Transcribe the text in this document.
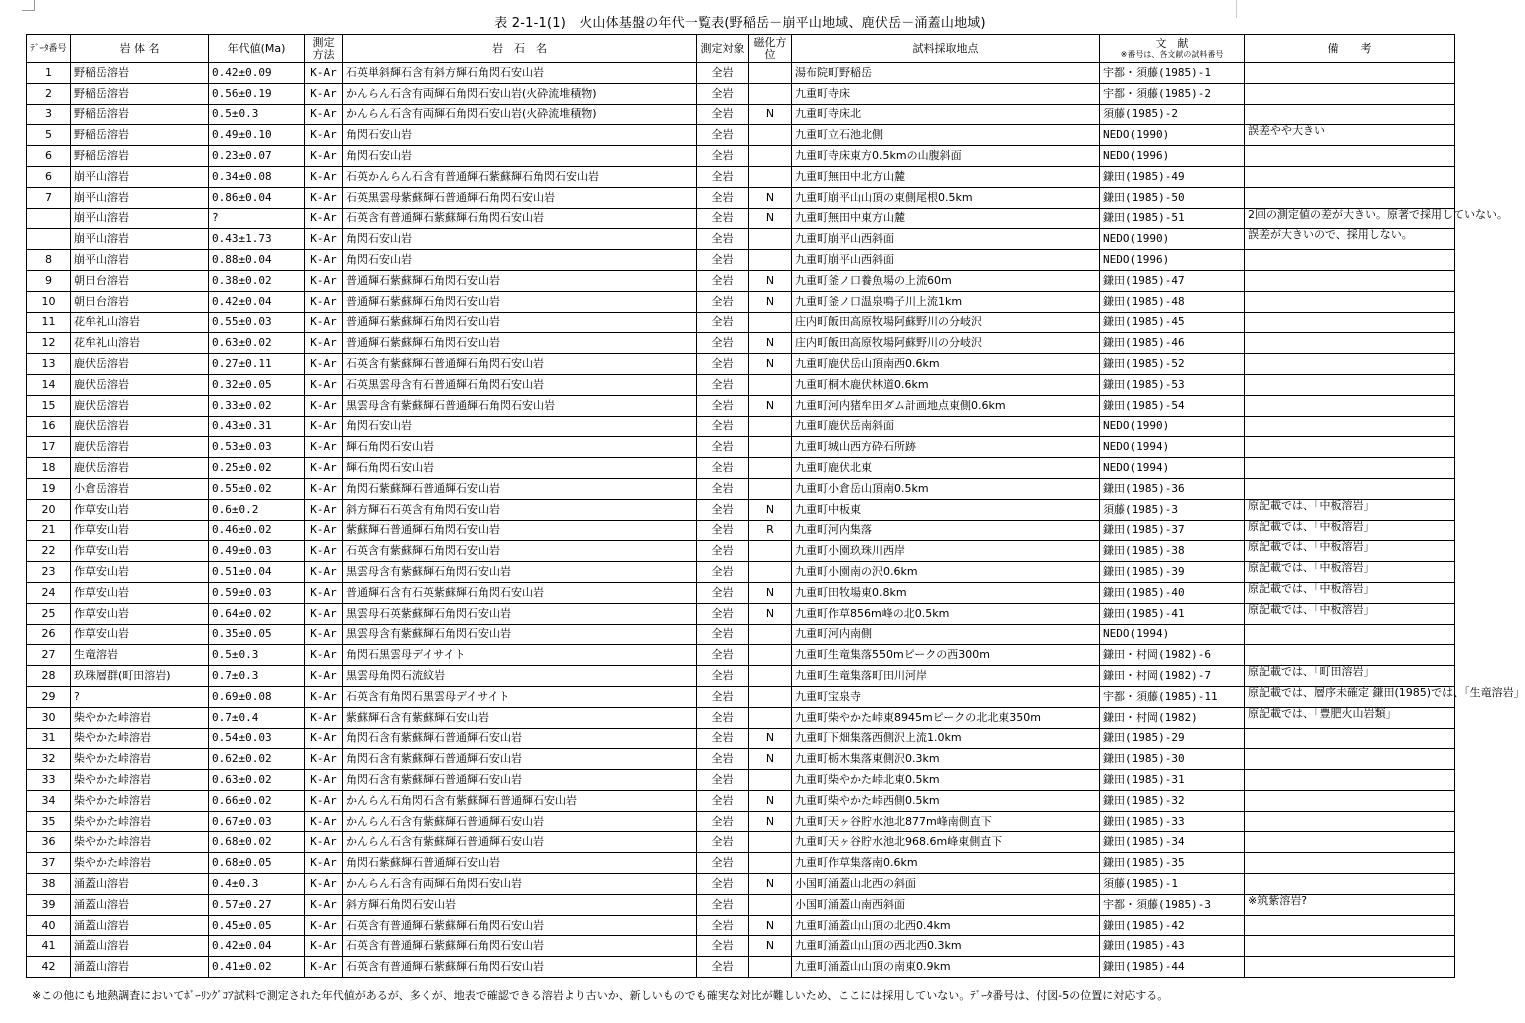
表 2-1-1(1)　火山体基盤の年代一覧表(野稲岳－崩平山地域、鹿伏岳－涌蓋山地域)
ﾃﾞｰﾀ番号	岩 体 名	年代値(Ma)	測定方法	岩　石　名	測定対象	磁化方位	試料採取地点	文　献
※番号は、各文献の試料番号	備　　考
1	野稲岳溶岩	0.42±0.09	K-Ar	石英単斜輝石含有斜方輝石角閃石安山岩	全岩		湯布院町野稲岳	宇都・須藤(1985)-1	
2	野稲岳溶岩	0.56±0.19	K-Ar	かんらん石含有両輝石角閃石安山岩(火砕流堆積物)	全岩		九重町寺床	宇都・須藤(1985)-2	
3	野稲岳溶岩	0.5±0.3	K-Ar	かんらん石含有両輝石角閃石安山岩(火砕流堆積物)	全岩	N	九重町寺床北	須藤(1985)-2	
5	野稲岳溶岩	0.49±0.10	K-Ar	角閃石安山岩	全岩		九重町立石池北側	NEDO(1990)	誤差やや大きい
6	野稲岳溶岩	0.23±0.07	K-Ar	角閃石安山岩	全岩		九重町寺床東方0.5kmの山腹斜面	NEDO(1996)	
6	崩平山溶岩	0.34±0.08	K-Ar	石英かんらん石含有普通輝石紫蘇輝石角閃石安山岩	全岩		九重町無田中北方山麓	鎌田(1985)-49	
7	崩平山溶岩	0.86±0.04	K-Ar	石英黒雲母紫蘇輝石普通輝石角閃石安山岩	全岩	N	九重町崩平山山頂の東側尾根0.5km	鎌田(1985)-50	
	崩平山溶岩	?	K-Ar	石英含有普通輝石紫蘇輝石角閃石安山岩	全岩	N	九重町無田中東方山麓	鎌田(1985)-51	2回の測定値の差が大きい。原著で採用していない。
	崩平山溶岩	0.43±1.73	K-Ar	角閃石安山岩	全岩		九重町崩平山西斜面	NEDO(1990)	誤差が大きいので、採用しない。
8	崩平山溶岩	0.88±0.04	K-Ar	角閃石安山岩	全岩		九重町崩平山西斜面	NEDO(1996)	
9	朝日台溶岩	0.38±0.02	K-Ar	普通輝石紫蘇輝石角閃石安山岩	全岩	N	九重町釜ノ口養魚場の上流60m	鎌田(1985)-47	
10	朝日台溶岩	0.42±0.04	K-Ar	普通輝石紫蘇輝石角閃石安山岩	全岩	N	九重町釜ノ口温泉鳴子川上流1km	鎌田(1985)-48	
11	花牟礼山溶岩	0.55±0.03	K-Ar	普通輝石紫蘇輝石角閃石安山岩	全岩		庄内町飯田高原牧場阿蘇野川の分岐沢	鎌田(1985)-45	
12	花牟礼山溶岩	0.63±0.02	K-Ar	普通輝石紫蘇輝石角閃石安山岩	全岩	N	庄内町飯田高原牧場阿蘇野川の分岐沢	鎌田(1985)-46	
13	鹿伏岳溶岩	0.27±0.11	K-Ar	石英含有紫蘇輝石普通輝石角閃石安山岩	全岩	N	九重町鹿伏岳山頂南西0.6km	鎌田(1985)-52	
14	鹿伏岳溶岩	0.32±0.05	K-Ar	石英黒雲母含有石普通輝石角閃石安山岩	全岩		九重町桐木鹿伏林道0.6km	鎌田(1985)-53	
15	鹿伏岳溶岩	0.33±0.02	K-Ar	黒雲母含有紫蘇輝石普通輝石角閃石安山岩	全岩	N	九重町河内猪牟田ダム計画地点東側0.6km	鎌田(1985)-54	
16	鹿伏岳溶岩	0.43±0.31	K-Ar	角閃石安山岩	全岩		九重町鹿伏岳南斜面	NEDO(1990)	
17	鹿伏岳溶岩	0.53±0.03	K-Ar	輝石角閃石安山岩	全岩		九重町城山西方砕石所跡	NEDO(1994)	
18	鹿伏岳溶岩	0.25±0.02	K-Ar	輝石角閃石安山岩	全岩		九重町鹿伏北東	NEDO(1994)	
19	小倉岳溶岩	0.55±0.02	K-Ar	角閃石紫蘇輝石普通輝石安山岩	全岩		九重町小倉岳山頂南0.5km	鎌田(1985)-36	
20	作草安山岩	0.6±0.2	K-Ar	斜方輝石石英含有角閃石安山岩	全岩	N	九重町中板東	須藤(1985)-3	原記載では、「中板溶岩」
21	作草安山岩	0.46±0.02	K-Ar	紫蘇輝石普通輝石角閃石安山岩	全岩	R	九重町河内集落	鎌田(1985)-37	原記載では、「中板溶岩」
22	作草安山岩	0.49±0.03	K-Ar	石英含有紫蘇輝石角閃石安山岩	全岩		九重町小園玖珠川西岸	鎌田(1985)-38	原記載では、「中板溶岩」
23	作草安山岩	0.51±0.04	K-Ar	黒雲母含有紫蘇輝石角閃石安山岩	全岩		九重町小園南の沢0.6km	鎌田(1985)-39	原記載では、「中板溶岩」
24	作草安山岩	0.59±0.03	K-Ar	普通輝石含有石英紫蘇輝石角閃石安山岩	全岩	N	九重町田牧場東0.8km	鎌田(1985)-40	原記載では、「中板溶岩」
25	作草安山岩	0.64±0.02	K-Ar	黒雲母石英紫蘇輝石角閃石安山岩	全岩	N	九重町作草856m峰の北0.5km	鎌田(1985)-41	原記載では、「中板溶岩」
26	作草安山岩	0.35±0.05	K-Ar	黒雲母含有紫蘇輝石角閃石安山岩	全岩		九重町河内南側	NEDO(1994)	
27	生竜溶岩	0.5±0.3	K-Ar	角閃石黒雲母デイサイト	全岩		九重町生竜集落550mピークの西300m	鎌田・村岡(1982)-6	
28	玖珠層群(町田溶岩)	0.7±0.3	K-Ar	黒雲母角閃石流紋岩	全岩		九重町生竜集落町田川河岸	鎌田・村岡(1982)-7	原記載では、「町田溶岩」
29	?	0.69±0.08	K-Ar	石英含有角閃石黒雲母デイサイト	全岩		九重町宝泉寺	宇都・須藤(1985)-11	原記載では、層序未確定 鎌田(1985)では、「生竜溶岩」
30	柴やかた峠溶岩	0.7±0.4	K-Ar	紫蘇輝石含有紫蘇輝石安山岩	全岩		九重町柴やかた峠東8945mピークの北北東350m	鎌田・村岡(1982)	原記載では、「豊肥火山岩類」
31	柴やかた峠溶岩	0.54±0.03	K-Ar	角閃石含有紫蘇輝石普通輝石安山岩	全岩	N	九重町下畑集落西側沢上流1.0km	鎌田(1985)-29	
32	柴やかた峠溶岩	0.62±0.02	K-Ar	角閃石含有紫蘇輝石普通輝石安山岩	全岩	N	九重町栃木集落東側沢0.3km	鎌田(1985)-30	
33	柴やかた峠溶岩	0.63±0.02	K-Ar	角閃石含有紫蘇輝石普通輝石安山岩	全岩		九重町柴やかた峠北東0.5km	鎌田(1985)-31	
34	柴やかた峠溶岩	0.66±0.02	K-Ar	かんらん石角閃石含有紫蘇輝石普通輝石安山岩	全岩	N	九重町柴やかた峠西側0.5km	鎌田(1985)-32	
35	柴やかた峠溶岩	0.67±0.03	K-Ar	かんらん石含有紫蘇輝石普通輝石安山岩	全岩	N	九重町天ヶ谷貯水池北877m峰南側直下	鎌田(1985)-33	
36	柴やかた峠溶岩	0.68±0.02	K-Ar	かんらん石含有紫蘇輝石普通輝石安山岩	全岩		九重町天ヶ谷貯水池北968.6m峰東側直下	鎌田(1985)-34	
37	柴やかた峠溶岩	0.68±0.05	K-Ar	角閃石紫蘇輝石普通輝石安山岩	全岩		九重町作草集落南0.6km	鎌田(1985)-35	
38	涌蓋山溶岩	0.4±0.3	K-Ar	かんらん石含有両輝石角閃石安山岩	全岩	N	小国町涌蓋山北西の斜面	須藤(1985)-1	
39	涌蓋山溶岩	0.57±0.27	K-Ar	斜方輝石角閃石安山岩	全岩		小国町涌蓋山南西斜面	宇都・須藤(1985)-3	※筑紫溶岩?
40	涌蓋山溶岩	0.45±0.05	K-Ar	石英含有普通輝石紫蘇輝石角閃石安山岩	全岩	N	九重町涌蓋山山頂の北西0.4km	鎌田(1985)-42	
41	涌蓋山溶岩	0.42±0.04	K-Ar	石英含有普通輝石紫蘇輝石角閃石安山岩	全岩	N	九重町涌蓋山山頂の西北西0.3km	鎌田(1985)-43	
42	涌蓋山溶岩	0.41±0.02	K-Ar	石英含有普通輝石紫蘇輝石角閃石安山岩	全岩		九重町涌蓋山山頂の南東0.9km	鎌田(1985)-44	
※この他にも地熱調査においてﾎﾞｰﾘﾝｸﾞｺｱ試料で測定された年代値があるが、多くが、地表で確認できる溶岩より古いか、新しいものでも確実な対比が難しいため、ここには採用していない。ﾃﾞｰﾀ番号は、付図-5の位置に対応する。
